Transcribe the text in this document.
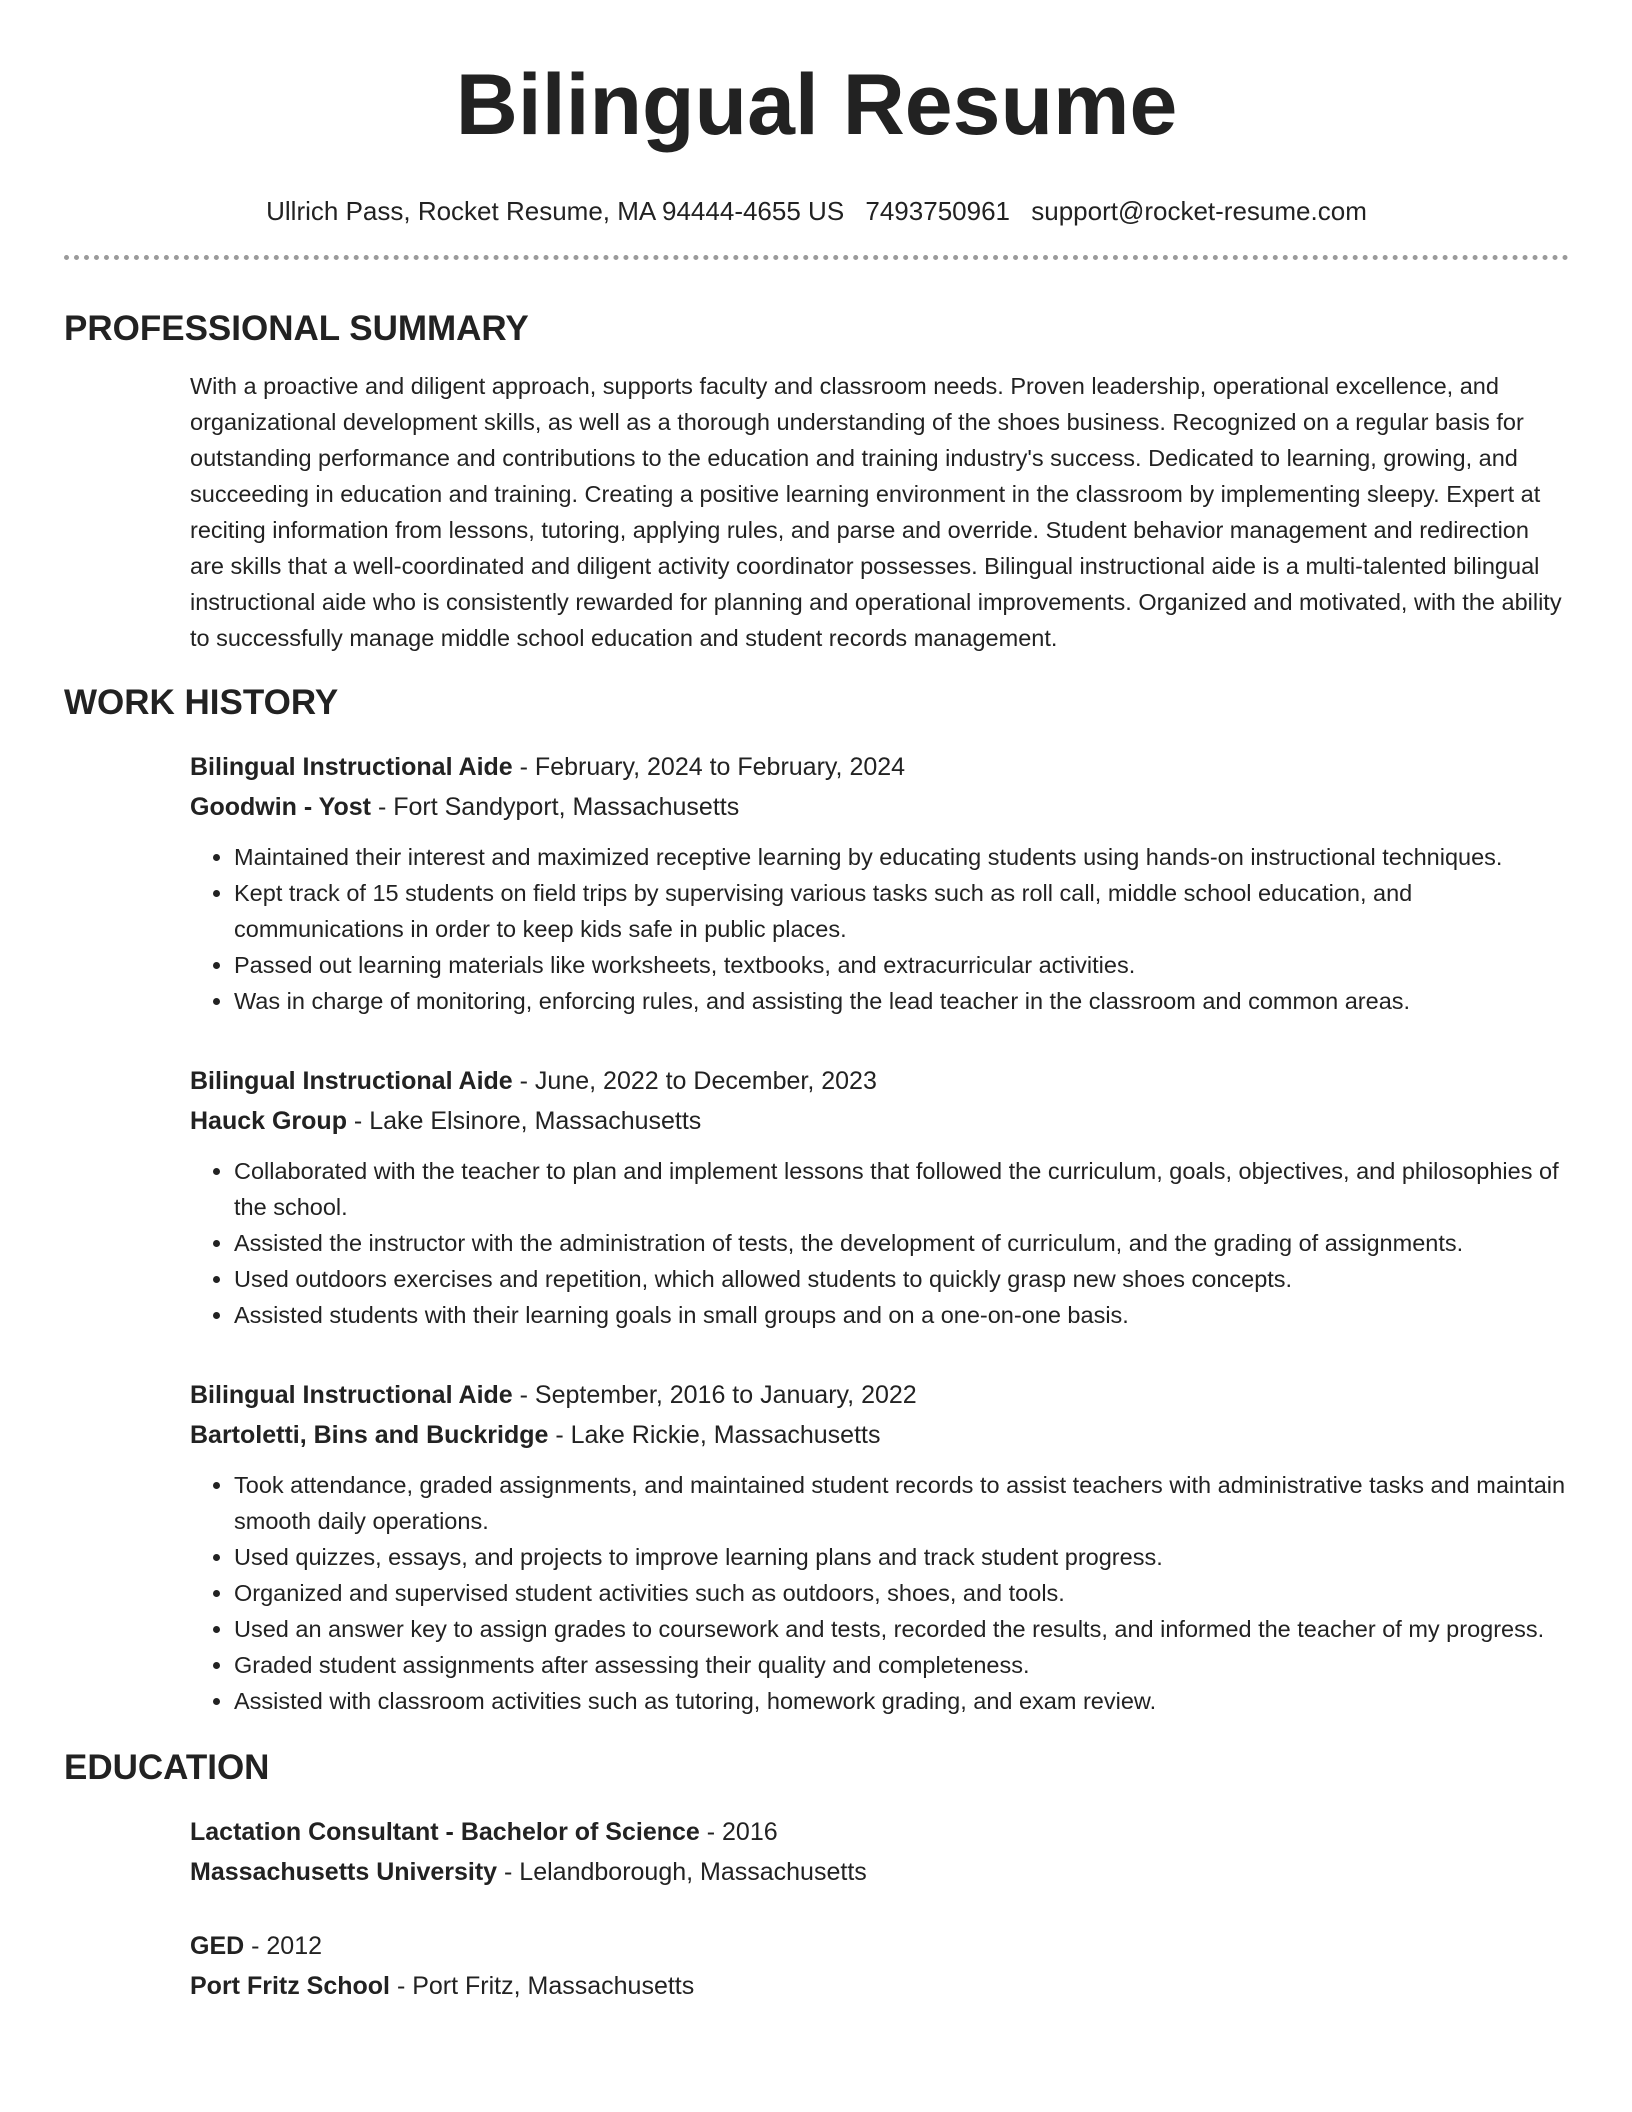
Bilingual Resume
Ullrich Pass, Rocket Resume, MA 94444-4655 US 7493750961 support@rocket-resume.com
PROFESSIONAL SUMMARY

With a proactive and diligent approach, supports faculty and classroom needs. Proven leadership, operational excellence, and organizational development skills, as well as a thorough understanding of the shoes business. Recognized on a regular basis for outstanding performance and contributions to the education and training industry's success. Dedicated to learning, growing, and succeeding in education and training. Creating a positive learning environment in the classroom by implementing sleepy. Expert at reciting information from lessons, tutoring, applying rules, and parse and override. Student behavior management and redirection are skills that a well-coordinated and diligent activity coordinator possesses. Bilingual instructional aide is a multi-talented bilingual instructional aide who is consistently rewarded for planning and operational improvements. Organized and motivated, with the ability to successfully manage middle school education and student records management.

WORK HISTORY
Bilingual Instructional Aide - February, 2024 to February, 2024
Goodwin - Yost - Fort Sandyport, Massachusetts
• Maintained their interest and maximized receptive learning by educating students using hands-on instructional techniques.
• Kept track of 15 students on field trips by supervising various tasks such as roll call, middle school education, and communications in order to keep kids safe in public places.
• Passed out learning materials like worksheets, textbooks, and extracurricular activities.
• Was in charge of monitoring, enforcing rules, and assisting the lead teacher in the classroom and common areas.
Bilingual Instructional Aide - June, 2022 to December, 2023
Hauck Group - Lake Elsinore, Massachusetts
• Collaborated with the teacher to plan and implement lessons that followed the curriculum, goals, objectives, and philosophies of the school.
• Assisted the instructor with the administration of tests, the development of curriculum, and the grading of assignments.
• Used outdoors exercises and repetition, which allowed students to quickly grasp new shoes concepts.
• Assisted students with their learning goals in small groups and on a one-on-one basis.
Bilingual Instructional Aide - September, 2016 to January, 2022
Bartoletti, Bins and Buckridge - Lake Rickie, Massachusetts
• Took attendance, graded assignments, and maintained student records to assist teachers with administrative tasks and maintain smooth daily operations.
• Used quizzes, essays, and projects to improve learning plans and track student progress.
• Organized and supervised student activities such as outdoors, shoes, and tools.
• Used an answer key to assign grades to coursework and tests, recorded the results, and informed the teacher of my progress.
• Graded student assignments after assessing their quality and completeness.
• Assisted with classroom activities such as tutoring, homework grading, and exam review.
EDUCATION
Lactation Consultant - Bachelor of Science - 2016
Massachusetts University - Lelandborough, Massachusetts
GED - 2012
Port Fritz School - Port Fritz, Massachusetts
